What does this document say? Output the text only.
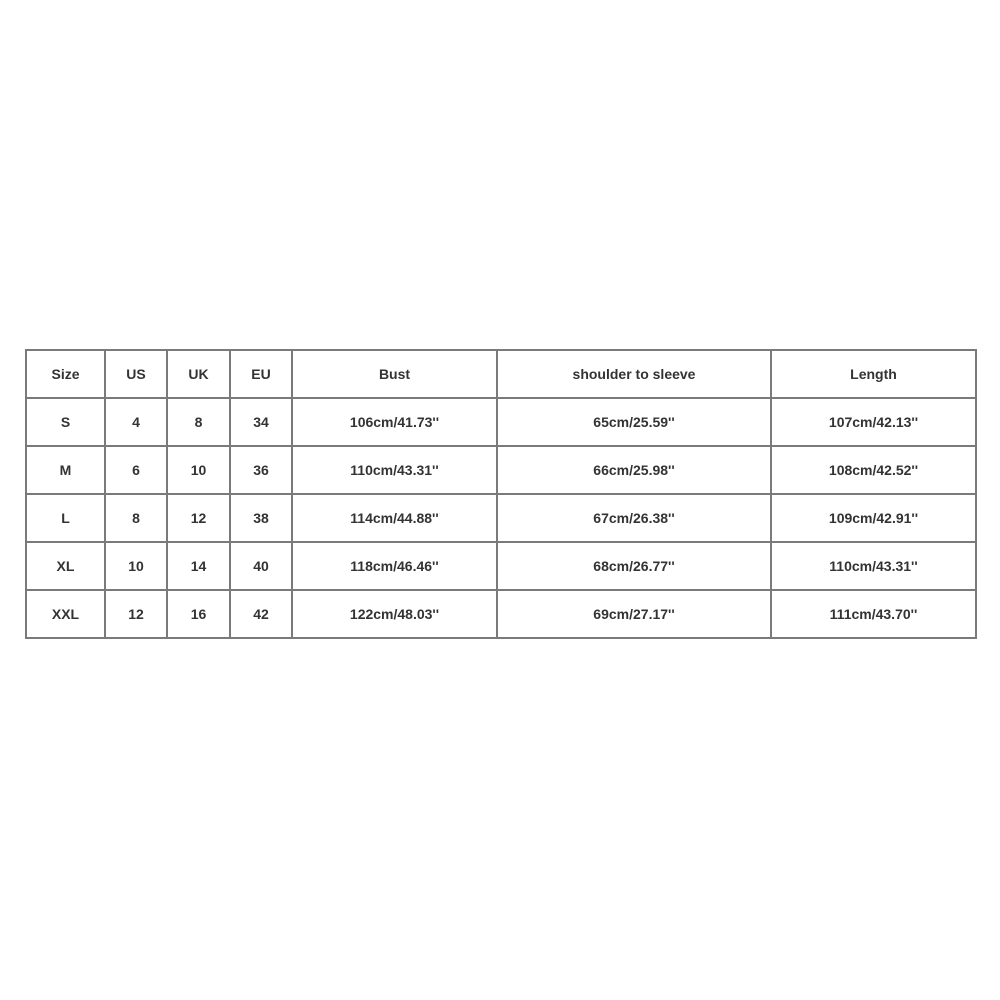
Size	US	UK	EU	Bust	shoulder to sleeve	Length
S	4	8	34	106cm/41.73''	65cm/25.59''	107cm/42.13''
M	6	10	36	110cm/43.31''	66cm/25.98''	108cm/42.52''
L	8	12	38	114cm/44.88''	67cm/26.38''	109cm/42.91''
XL	10	14	40	118cm/46.46''	68cm/26.77''	110cm/43.31''
XXL	12	16	42	122cm/48.03''	69cm/27.17''	111cm/43.70''
